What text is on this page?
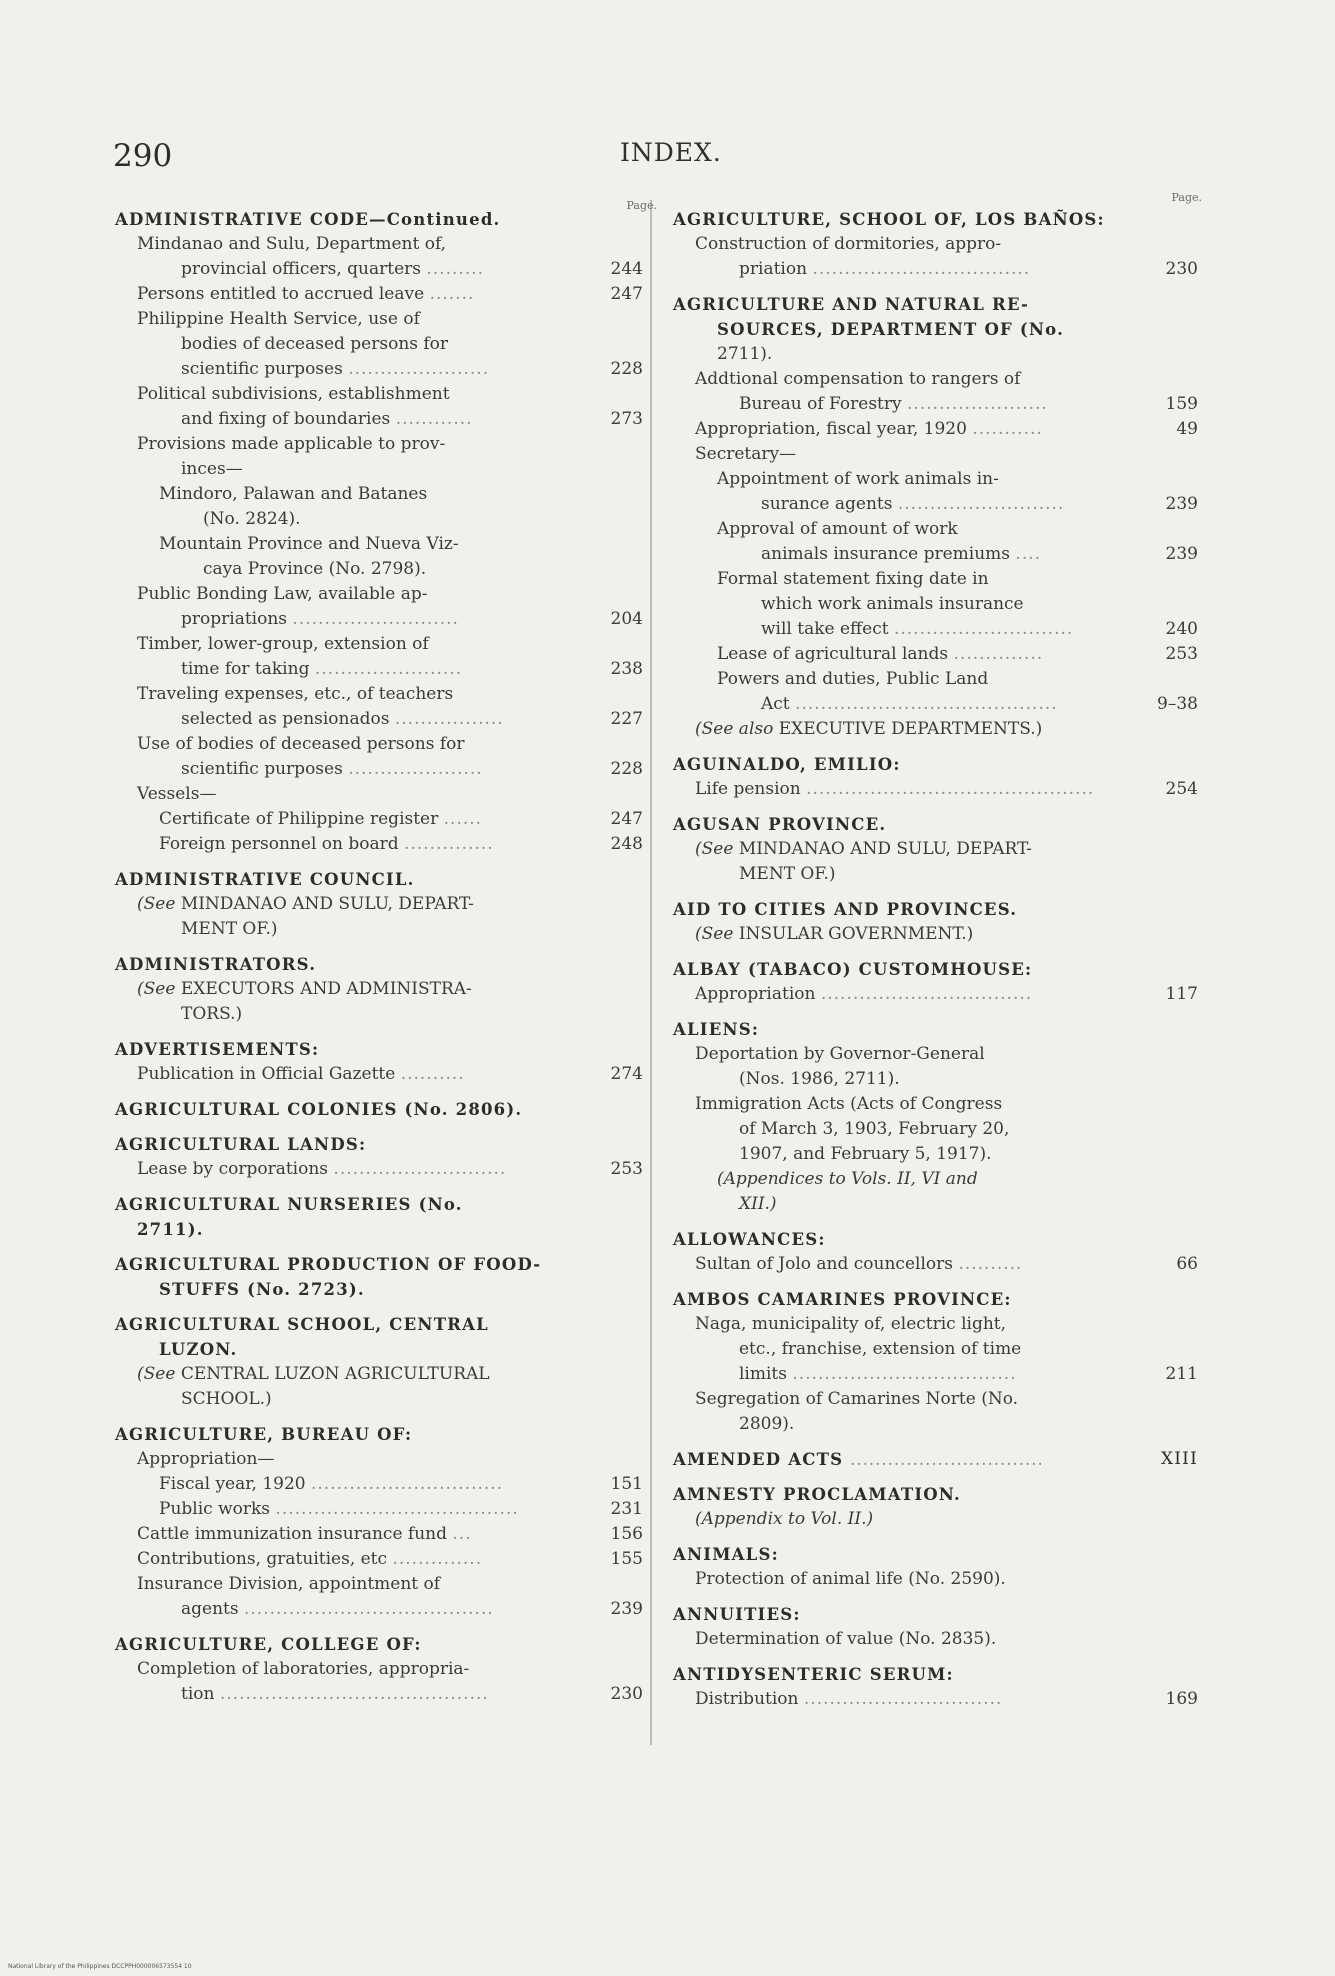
290	INDEX.
Page.
ADMINISTRATIVE CODE—Continued.
Mindanao and Sulu, Department of,
provincial officers, quarters .........	244
Persons entitled to accrued leave .......	247
Philippine Health Service, use of
bodies of deceased persons for
scientific purposes ......................	228
Political subdivisions, establishment
and fixing of boundaries ............	273
Provisions made applicable to prov-
inces—
Mindoro, Palawan and Batanes
(No. 2824).
Mountain Province and Nueva Viz-
caya Province (No. 2798).
Public Bonding Law, available ap-
propriations ..........................	204
Timber, lower-group, extension of
time for taking .......................	238
Traveling expenses, etc., of teachers
selected as pensionados .................	227
Use of bodies of deceased persons for
scientific purposes .....................	228
Vessels—
Certificate of Philippine register ......	247
Foreign personnel on board ..............	248
ADMINISTRATIVE COUNCIL.
(See MINDANAO AND SULU, DEPART-
MENT OF.)
ADMINISTRATORS.
(See EXECUTORS AND ADMINISTRA-
TORS.)
ADVERTISEMENTS:
Publication in Official Gazette ..........	274
AGRICULTURAL COLONIES (No. 2806).
AGRICULTURAL LANDS:
Lease by corporations ...........................	253
AGRICULTURAL NURSERIES (No.
2711).
AGRICULTURAL PRODUCTION OF FOOD-
STUFFS (No. 2723).
AGRICULTURAL SCHOOL, CENTRAL
LUZON.
(See CENTRAL LUZON AGRICULTURAL
SCHOOL.)
AGRICULTURE, BUREAU OF:
Appropriation—
Fiscal year, 1920 ..............................	151
Public works ......................................	231
Cattle immunization insurance fund ...	156
Contributions, gratuities, etc ..............	155
Insurance Division, appointment of
agents .......................................	239
AGRICULTURE, COLLEGE OF:
Completion of laboratories, appropria-
tion ..........................................	230
Page.
AGRICULTURE, SCHOOL OF, LOS BAÑOS:
Construction of dormitories, appro-
priation ..................................	230
AGRICULTURE AND NATURAL RE-
SOURCES, DEPARTMENT OF (No.
2711).
Addtional compensation to rangers of
Bureau of Forestry ......................	159
Appropriation, fiscal year, 1920 ...........	49
Secretary—
Appointment of work animals in-
surance agents ..........................	239
Approval of amount of work
animals insurance premiums ....	239
Formal statement fixing date in
which work animals insurance
will take effect ............................	240
Lease of agricultural lands ..............	253
Powers and duties, Public Land
Act .........................................	9–38
(See also EXECUTIVE DEPARTMENTS.)
AGUINALDO, EMILIO:
Life pension .............................................	254
AGUSAN PROVINCE.
(See MINDANAO AND SULU, DEPART-
MENT OF.)
AID TO CITIES AND PROVINCES.
(See INSULAR GOVERNMENT.)
ALBAY (TABACO) CUSTOMHOUSE:
Appropriation .................................	117
ALIENS:
Deportation by Governor-General
(Nos. 1986, 2711).
Immigration Acts (Acts of Congress
of March 3, 1903, February 20,
1907, and February 5, 1917).
(Appendices to Vols. II, VI and
XII.)
ALLOWANCES:
Sultan of Jolo and councellors ..........	66
AMBOS CAMARINES PROVINCE:
Naga, municipality of, electric light,
etc., franchise, extension of time
limits ...................................	211
Segregation of Camarines Norte (No.
2809).
AMENDED ACTS ...............................	XIII
AMNESTY PROCLAMATION.
(Appendix to Vol. II.)
ANIMALS:
Protection of animal life (No. 2590).
ANNUITIES:
Determination of value (No. 2835).
ANTIDYSENTERIC SERUM:
Distribution ...............................	169
National Library of the Philippines DCCPPH000006573554 10
